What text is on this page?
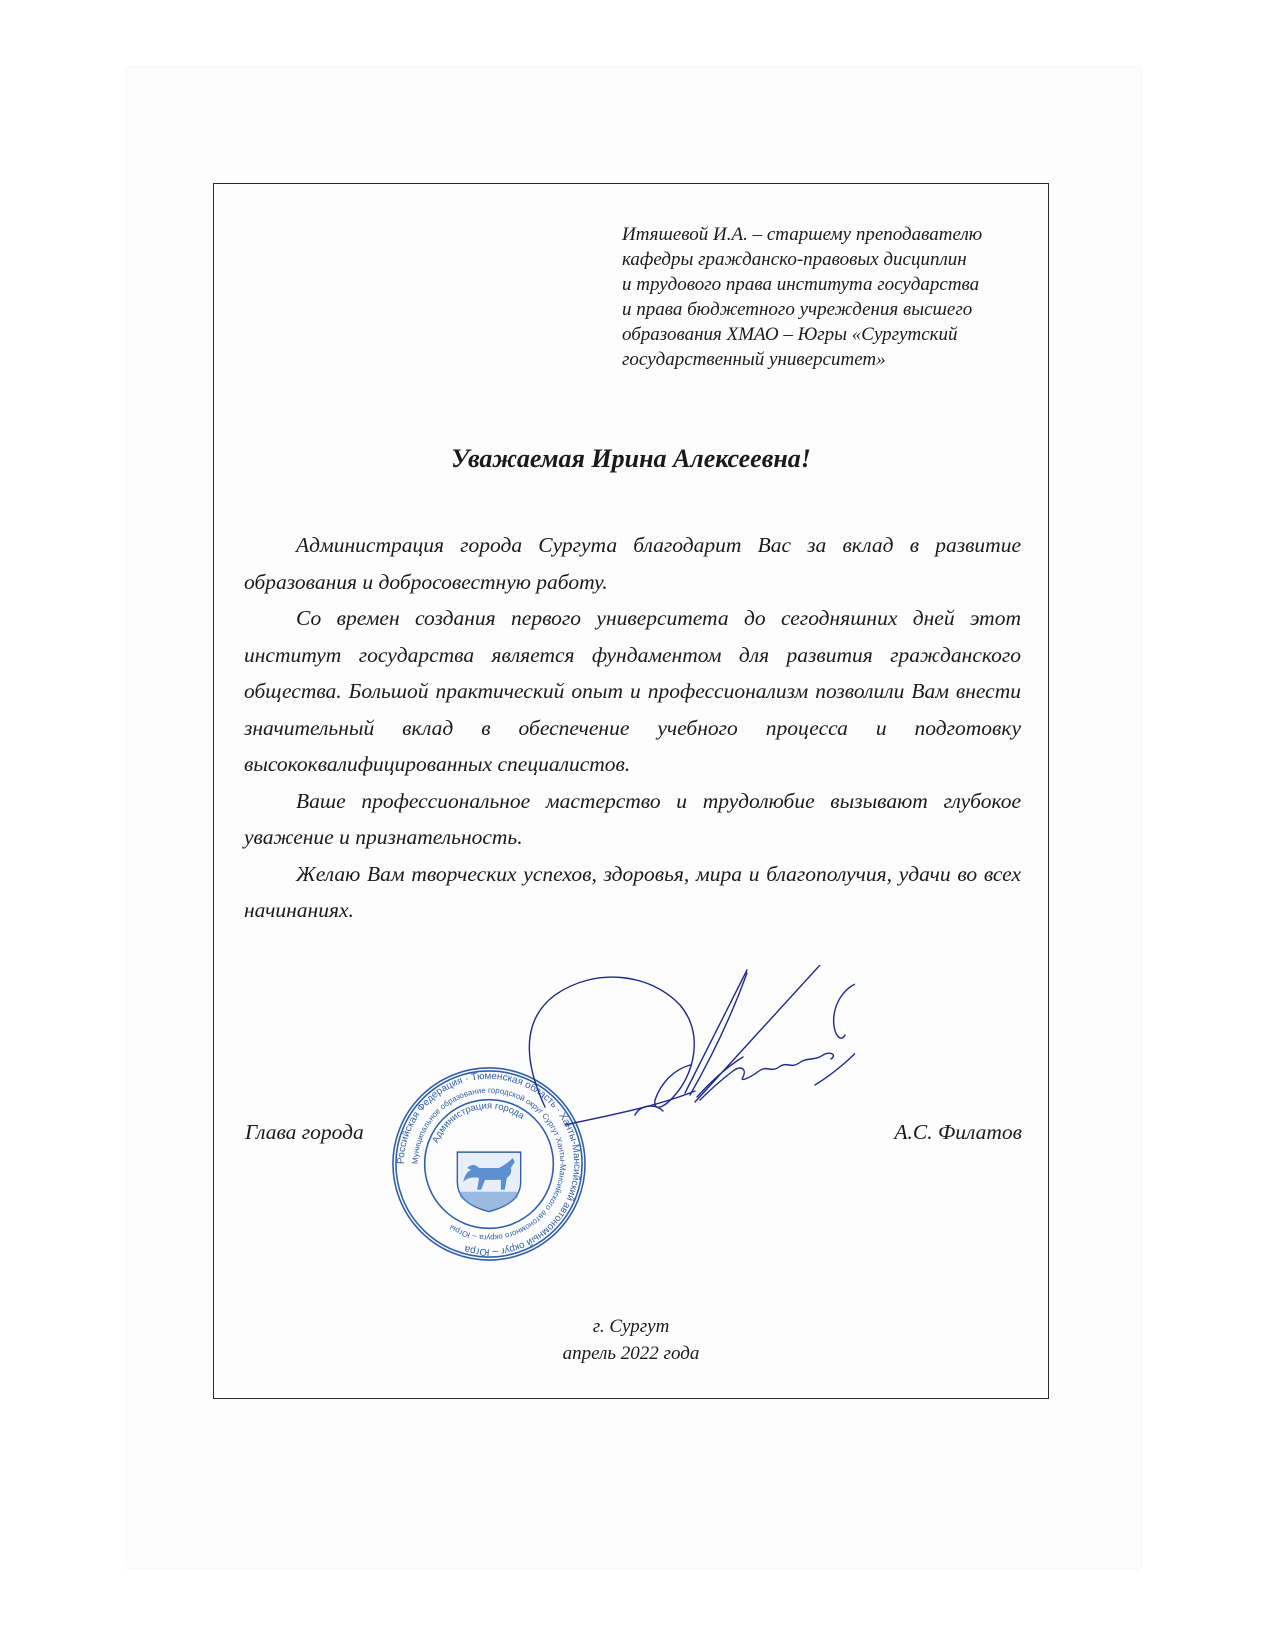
Итяшевой И.А. – старшему преподавателю
кафедры гражданско-правовых дисциплин
и трудового права института государства
и права бюджетного учреждения высшего
образования ХМАО – Югры «Сургутский
государственный университет»
Уважаемая Ирина Алексеевна!

Администрация города Сургута благодарит Вас за вклад в развитие образования и добросовестную работу.

Со времен создания первого университета до сегодняшних дней этот институт государства является фундаментом для развития гражданского общества. Большой практический опыт и профессионализм позволили Вам внести значительный вклад в обеспечение учебного процесса и подготовку высококвалифицированных специалистов.

Ваше профессиональное мастерство и трудолюбие вызывают глубокое уважение и признательность.

Желаю Вам творческих успехов, здоровья, мира и благополучия, удачи во всех начинаниях.

Российская Федерация · Тюменская область · Ханты-Мансийский автономный округ – Югра
Муниципальное образование городской округ Сургут Ханты-Мансийского автономного округа – Югры
Администрация города
Глава города	А.С. Филатов
г. Сургут
апрель 2022 года
